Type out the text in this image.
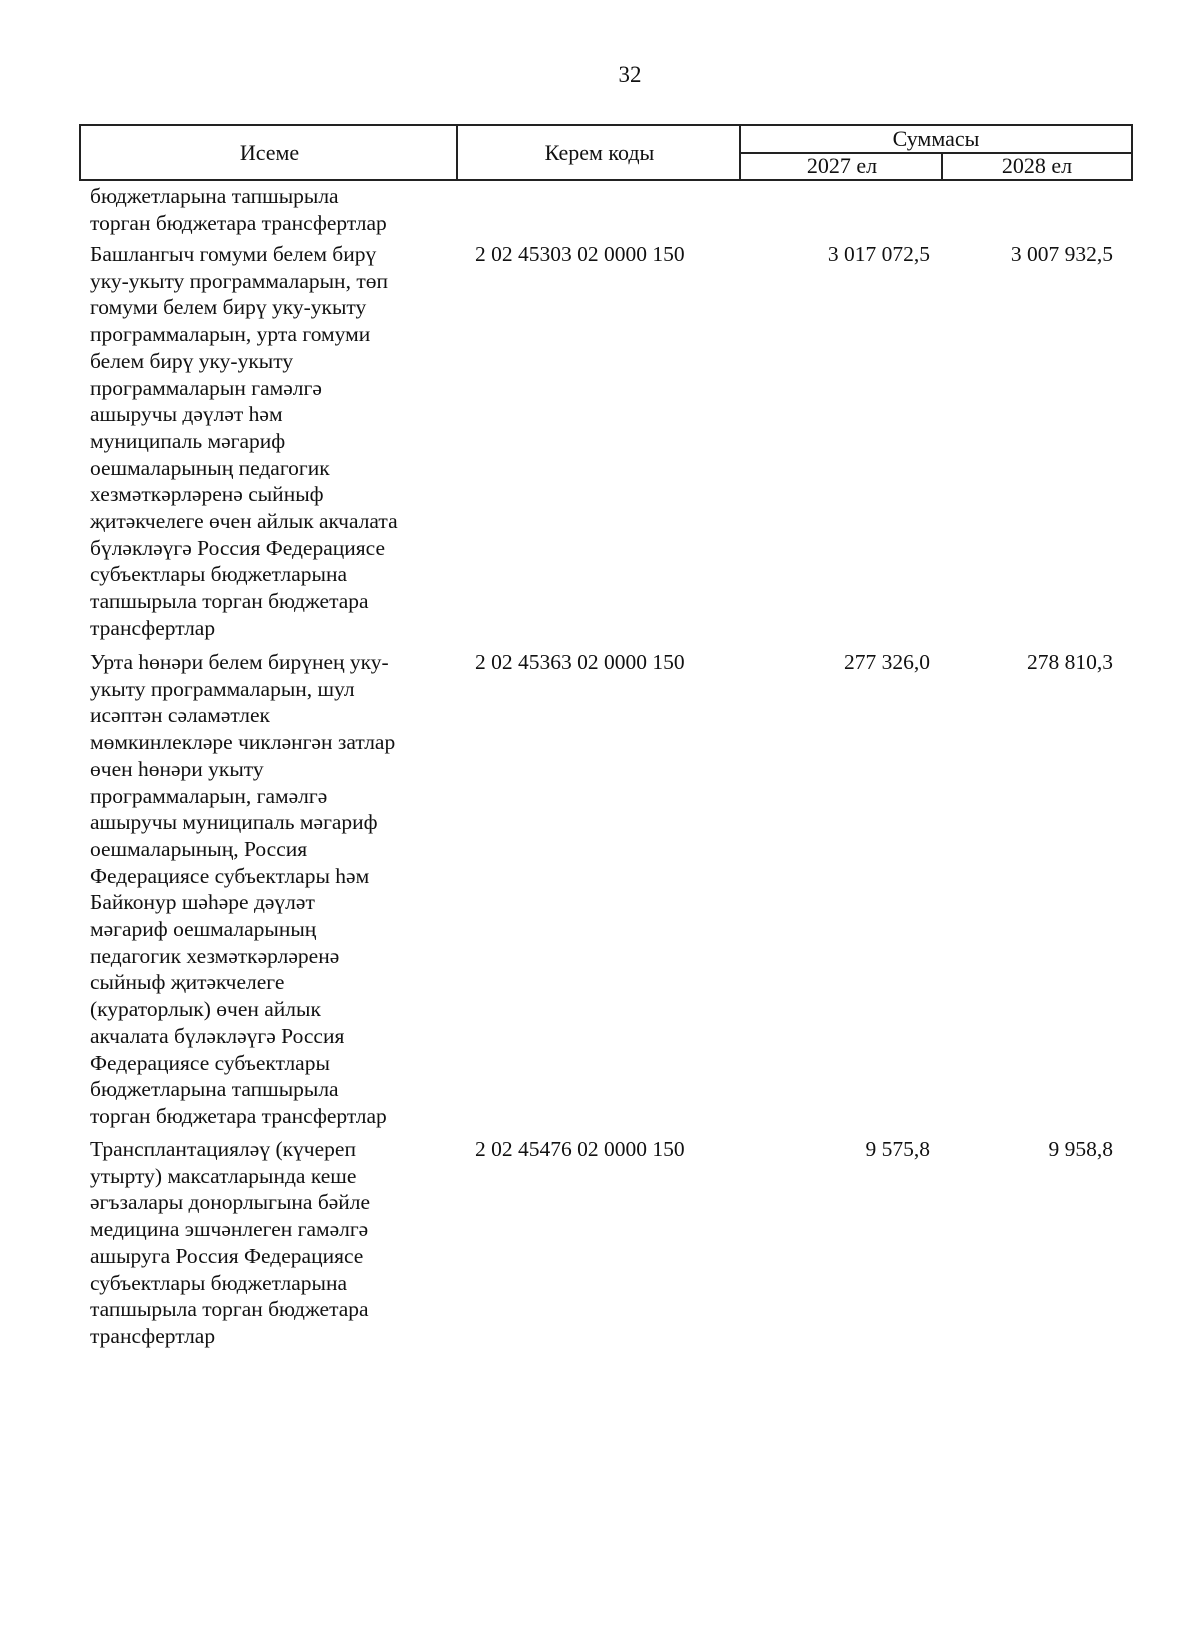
32
Исеме	Керем коды
Суммасы
2027 ел	2028 ел
бюджетларына тапшырыла
торган бюджетара трансфертлар
Башлангыч гомуми белем бирү
уку-укыту программаларын, төп
гомуми белем бирү уку-укыту
программаларын, урта гомуми
белем бирү уку-укыту
программаларын гамәлгә
ашыручы дәүләт һәм
муниципаль мәгариф
оешмаларының педагогик
хезмәткәрләренә сыйныф
җитәкчелеге өчен айлык акчалата
бүләкләүгә Россия Федерациясе
субъектлары бюджетларына
тапшырыла торган бюджетара
трансфертлар
2 02 45303 02 0000 150	3 017 072,5	3 007 932,5
Урта һөнәри белем бирүнең уку-
укыту программаларын, шул
исәптән сәламәтлек
мөмкинлекләре чикләнгән затлар
өчен һөнәри укыту
программаларын, гамәлгә
ашыручы муниципаль мәгариф
оешмаларының, Россия
Федерациясе субъектлары һәм
Байконур шәһәре дәүләт
мәгариф оешмаларының
педагогик хезмәткәрләренә
сыйныф җитәкчелеге
(кураторлык) өчен айлык
акчалата бүләкләүгә Россия
Федерациясе субъектлары
бюджетларына тапшырыла
торган бюджетара трансфертлар
2 02 45363 02 0000 150	277 326,0	278 810,3
Трансплантацияләү (күчереп
утырту) максатларында кеше
әгъзалары донорлыгына бәйле
медицина эшчәнлеген гамәлгә
ашыруга Россия Федерациясе
субъектлары бюджетларына
тапшырыла торган бюджетара
трансфертлар
2 02 45476 02 0000 150	9 575,8	9 958,8
